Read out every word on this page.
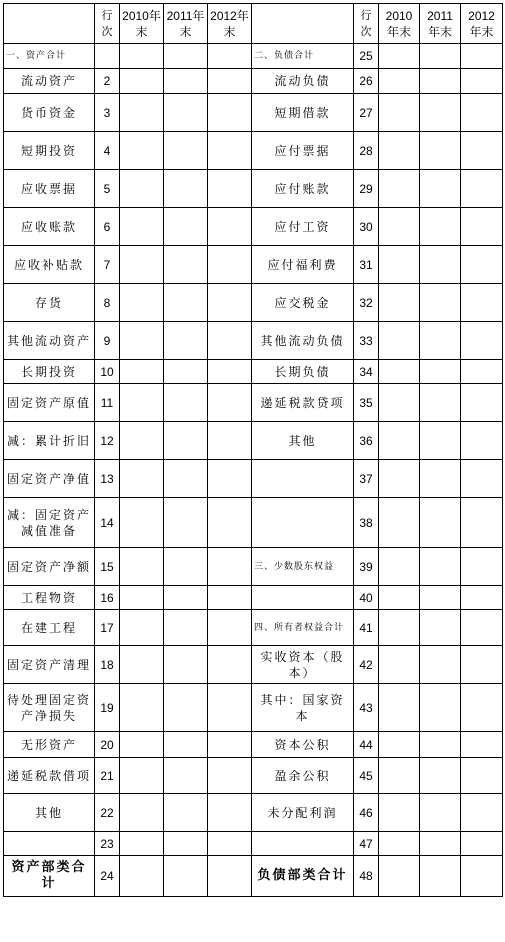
	行次	2010年末	2011年末	2012年末		行次	2010年末	2011年末	2012年末
一、资产合计					二、负债合计	25			
流动资产	2				流动负债	26			
货币资金	3				短期借款	27			
短期投资	4				应付票据	28			
应收票据	5				应付账款	29			
应收账款	6				应付工资	30			
应收补贴款	7				应付福利费	31			
存货	8				应交税金	32			
其他流动资产	9				其他流动负债	33			
长期投资	10				长期负债	34			
固定资产原值	11				递延税款贷项	35			
减：累计折旧	12				其他	36			
固定资产净值	13					37			
减：固定资产减值准备	14					38			
固定资产净额	15				三、少数股东权益	39			
工程物资	16					40			
在建工程	17				四、所有者权益合计	41			
固定资产清理	18				实收资本（股本）	42			
待处理固定资产净损失	19				其中：国家资本	43			
无形资产	20				资本公积	44			
递延税款借项	21				盈余公积	45			
其他	22				未分配利润	46			
	23					47			
资产部类合计	24				负债部类合计	48			
